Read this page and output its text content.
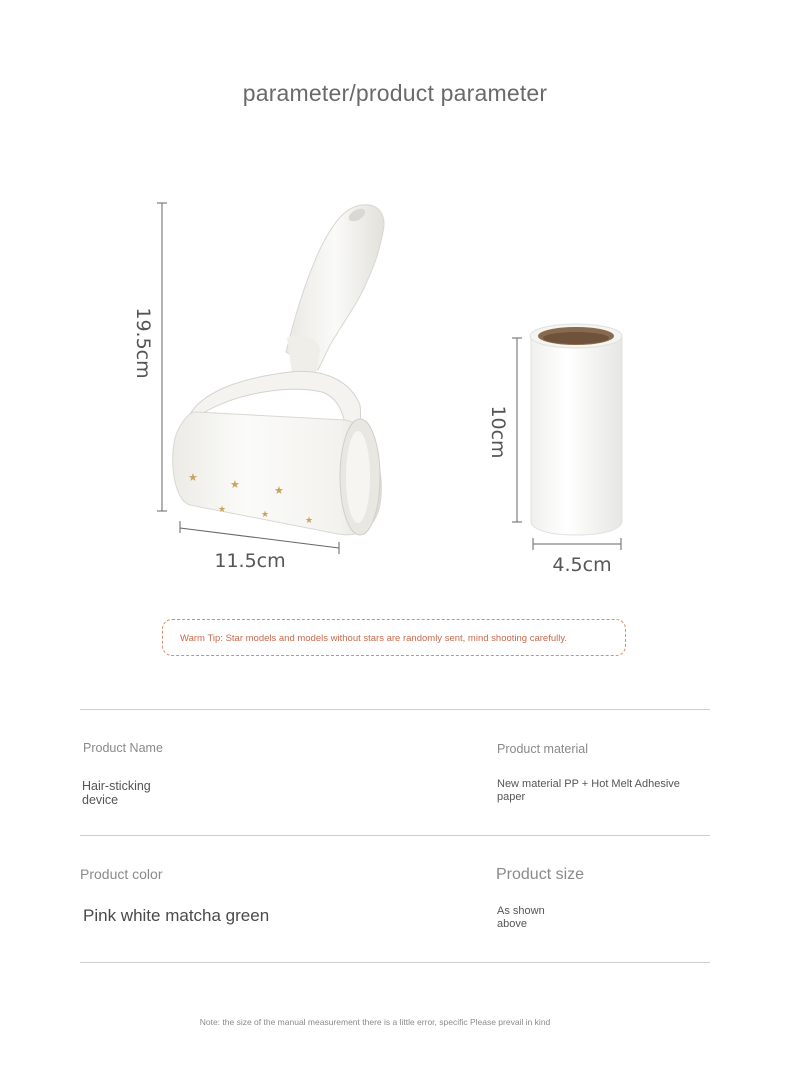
parameter/product parameter
19.5cm
★
★	★
★	★
★
11.5cm
10cm
4.5cm
Warm Tip: Star models and models without stars are randomly sent, mind shooting carefully.
Product Name
Hair-sticking
device
Product material
New material PP + Hot Melt Adhesive
paper
Product color
Pink white matcha green
Product size
As shown
above
Note: the size of the manual measurement there is a little error, specific Please prevail in kind
